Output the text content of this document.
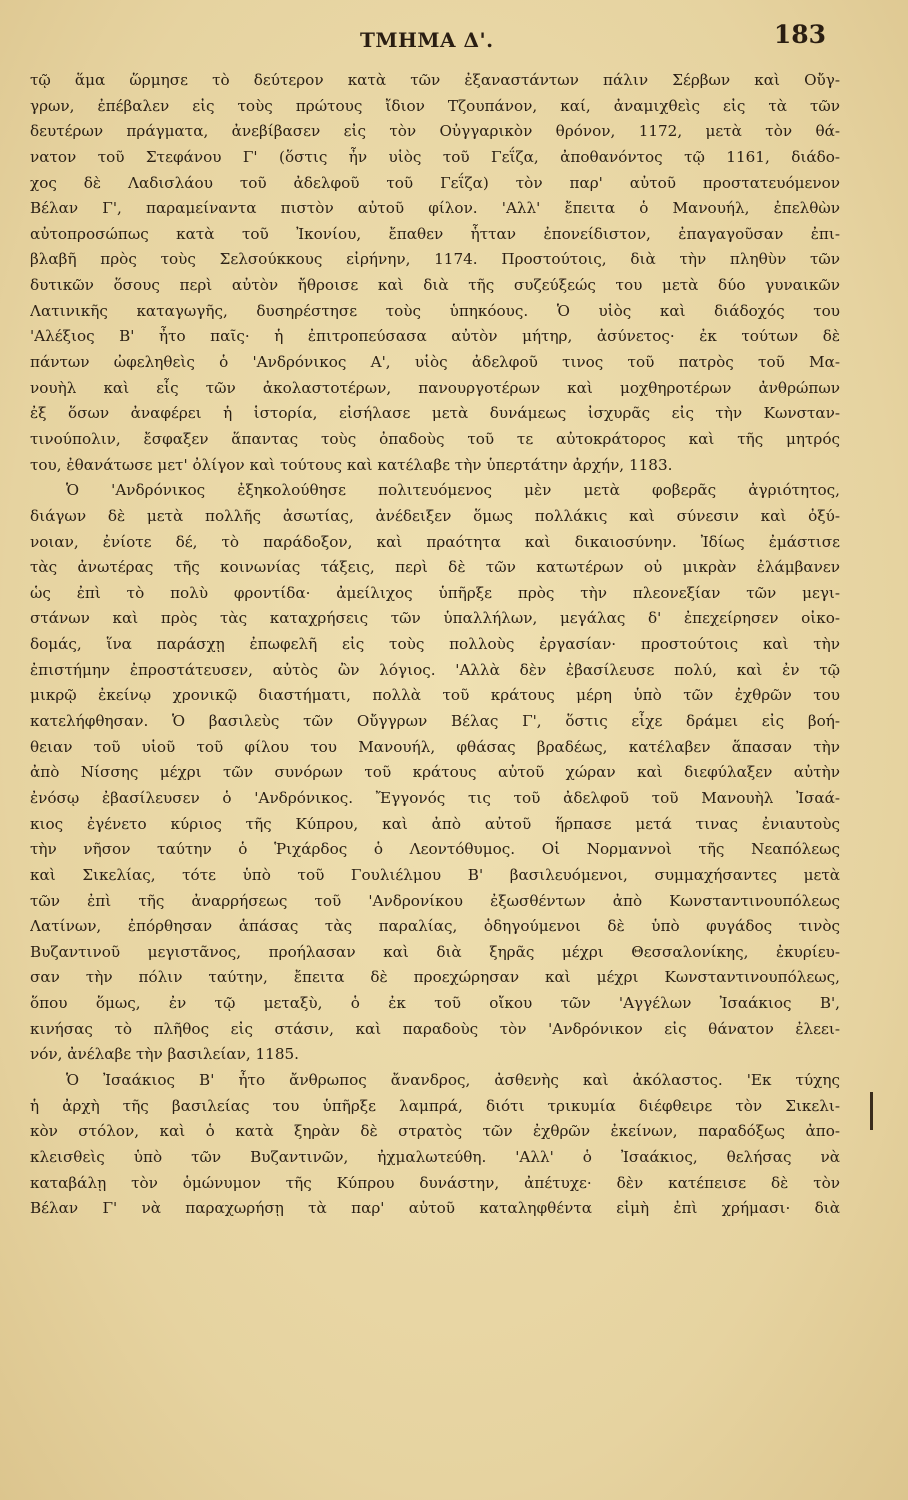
ΤΜΗΜΑ Δ'.	183
τῷ ἅμα ὥρμησε τὸ δεύτερον κατὰ τῶν ἐξαναστάντων πάλιν Σέρβων καὶ Οὔγ-
γρων, ἐπέβαλεν εἰς τοὺς πρώτους ἴδιον Τζουπάνον, καί, ἀναμιχθεὶς εἰς τὰ τῶν
δευτέρων πράγματα, ἀνεβίβασεν εἰς τὸν Οὐγγαρικὸν θρόνον, 1172, μετὰ τὸν θά-
νατον τοῦ Στεφάνου Γ' (ὅστις ἦν υἱὸς τοῦ Γεΐζα, ἀποθανόντος τῷ 1161, διάδο-
χος δὲ Λαδισλάου τοῦ ἀδελφοῦ τοῦ Γεΐζα) τὸν παρ' αὐτοῦ προστατευόμενον
Βέλαν Γ', παραμείναντα πιστὸν αὐτοῦ φίλον. 'Αλλ' ἔπειτα ὁ Μανουήλ, ἐπελθὼν
αὐτοπροσώπως κατὰ τοῦ Ἰκονίου, ἔπαθεν ἧτταν ἐπονείδιστον, ἐπαγαγοῦσαν ἐπι-
βλαβῆ πρὸς τοὺς Σελσούκκους εἰρήνην, 1174. Προστούτοις, διὰ τὴν πληθὺν τῶν
δυτικῶν ὅσους περὶ αὐτὸν ἤθροισε καὶ διὰ τῆς συζεύξεώς του μετὰ δύο γυναικῶν
Λατινικῆς καταγωγῆς, δυσηρέστησε τοὺς ὑπηκόους. Ὁ υἱὸς καὶ διάδοχός του
'Αλέξιος Β' ἦτο παῖς· ἡ ἐπιτροπεύσασα αὐτὸν μήτηρ, ἀσύνετος· ἐκ τούτων δὲ
πάντων ὠφεληθεὶς ὁ 'Ανδρόνικος Α', υἱὸς ἀδελφοῦ τινος τοῦ πατρὸς τοῦ Μα-
νουὴλ καὶ εἷς τῶν ἀκολαστοτέρων, πανουργοτέρων καὶ μοχθηροτέρων ἀνθρώπων
ἐξ ὅσων ἀναφέρει ἡ ἱστορία, εἰσήλασε μετὰ δυνάμεως ἰσχυρᾶς εἰς τὴν Κωνσταν-
τινούπολιν, ἔσφαξεν ἅπαντας τοὺς ὀπαδοὺς τοῦ τε αὐτοκράτορος καὶ τῆς μητρός
του, ἐθανάτωσε μετ' ὀλίγον καὶ τούτους καὶ κατέλαβε τὴν ὑπερτάτην ἀρχήν, 1183.
Ὁ 'Ανδρόνικος ἐξηκολούθησε πολιτευόμενος μὲν μετὰ φοβερᾶς ἀγριότητος,
διάγων δὲ μετὰ πολλῆς ἀσωτίας, ἀνέδειξεν ὅμως πολλάκις καὶ σύνεσιν καὶ ὀξύ-
νοιαν, ἐνίοτε δέ, τὸ παράδοξον, καὶ πραότητα καὶ δικαιοσύνην. Ἰδίως ἐμάστισε
τὰς ἀνωτέρας τῆς κοινωνίας τάξεις, περὶ δὲ τῶν κατωτέρων οὐ μικρὰν ἐλάμβανεν
ὡς ἐπὶ τὸ πολὺ φροντίδα· ἀμείλιχος ὑπῆρξε πρὸς τὴν πλεονεξίαν τῶν μεγι-
στάνων καὶ πρὸς τὰς καταχρήσεις τῶν ὑπαλλήλων, μεγάλας δ' ἐπεχείρησεν οἰκο-
δομάς, ἵνα παράσχῃ ἐπωφελῆ εἰς τοὺς πολλοὺς ἐργασίαν· προστούτοις καὶ τὴν
ἐπιστήμην ἐπροστάτευσεν, αὐτὸς ὢν λόγιος. 'Αλλὰ δὲν ἐβασίλευσε πολύ, καὶ ἐν τῷ
μικρῷ ἐκείνῳ χρονικῷ διαστήματι, πολλὰ τοῦ κράτους μέρη ὑπὸ τῶν ἐχθρῶν του
κατελήφθησαν. Ὁ βασιλεὺς τῶν Οὔγγρων Βέλας Γ', ὅστις εἶχε δράμει εἰς βοή-
θειαν τοῦ υἱοῦ τοῦ φίλου του Μανουήλ, φθάσας βραδέως, κατέλαβεν ἅπασαν τὴν
ἀπὸ Νίσσης μέχρι τῶν συνόρων τοῦ κράτους αὐτοῦ χώραν καὶ διεφύλαξεν αὐτὴν
ἐνόσῳ ἐβασίλευσεν ὁ 'Ανδρόνικος. Ἔγγονός τις τοῦ ἀδελφοῦ τοῦ Μανουὴλ Ἰσαά-
κιος ἐγένετο κύριος τῆς Κύπρου, καὶ ἀπὸ αὐτοῦ ἥρπασε μετά τινας ἐνιαυτοὺς
τὴν νῆσον ταύτην ὁ Ῥιχάρδος ὁ Λεοντόθυμος. Οἱ Νορμαννοὶ τῆς Νεαπόλεως
καὶ Σικελίας, τότε ὑπὸ τοῦ Γουλιέλμου Β' βασιλευόμενοι, συμμαχήσαντες μετὰ
τῶν ἐπὶ τῆς ἀναρρήσεως τοῦ 'Ανδρονίκου ἐξωσθέντων ἀπὸ Κωνσταντινουπόλεως
Λατίνων, ἐπόρθησαν ἁπάσας τὰς παραλίας, ὁδηγούμενοι δὲ ὑπὸ φυγάδος τινὸς
Βυζαντινοῦ μεγιστᾶνος, προήλασαν καὶ διὰ ξηρᾶς μέχρι Θεσσαλονίκης, ἐκυρίευ-
σαν τὴν πόλιν ταύτην, ἔπειτα δὲ προεχώρησαν καὶ μέχρι Κωνσταντινουπόλεως,
ὅπου ὅμως, ἐν τῷ μεταξὺ, ὁ ἐκ τοῦ οἴκου τῶν 'Αγγέλων Ἰσαάκιος Β',
κινήσας τὸ πλῆθος εἰς στάσιν, καὶ παραδοὺς τὸν 'Ανδρόνικον εἰς θάνατον ἐλεει-
νόν, ἀνέλαβε τὴν βασιλείαν, 1185.
Ὁ Ἰσαάκιος Β' ἦτο ἄνθρωπος ἄνανδρος, ἀσθενὴς καὶ ἀκόλαστος. 'Εκ τύχης
ἡ ἀρχὴ τῆς βασιλείας του ὑπῆρξε λαμπρά, διότι τρικυμία διέφθειρε τὸν Σικελι-
κὸν στόλον, καὶ ὁ κατὰ ξηρὰν δὲ στρατὸς τῶν ἐχθρῶν ἐκείνων, παραδόξως ἀπο-
κλεισθεὶς ὑπὸ τῶν Βυζαντινῶν, ἠχμαλωτεύθη. 'Αλλ' ὁ Ἰσαάκιος, θελήσας νὰ
καταβάλῃ τὸν ὁμώνυμον τῆς Κύπρου δυνάστην, ἀπέτυχε· δὲν κατέπεισε δὲ τὸν
Βέλαν Γ' νὰ παραχωρήσῃ τὰ παρ' αὐτοῦ καταληφθέντα εἰμὴ ἐπὶ χρήμασι· διὰ
